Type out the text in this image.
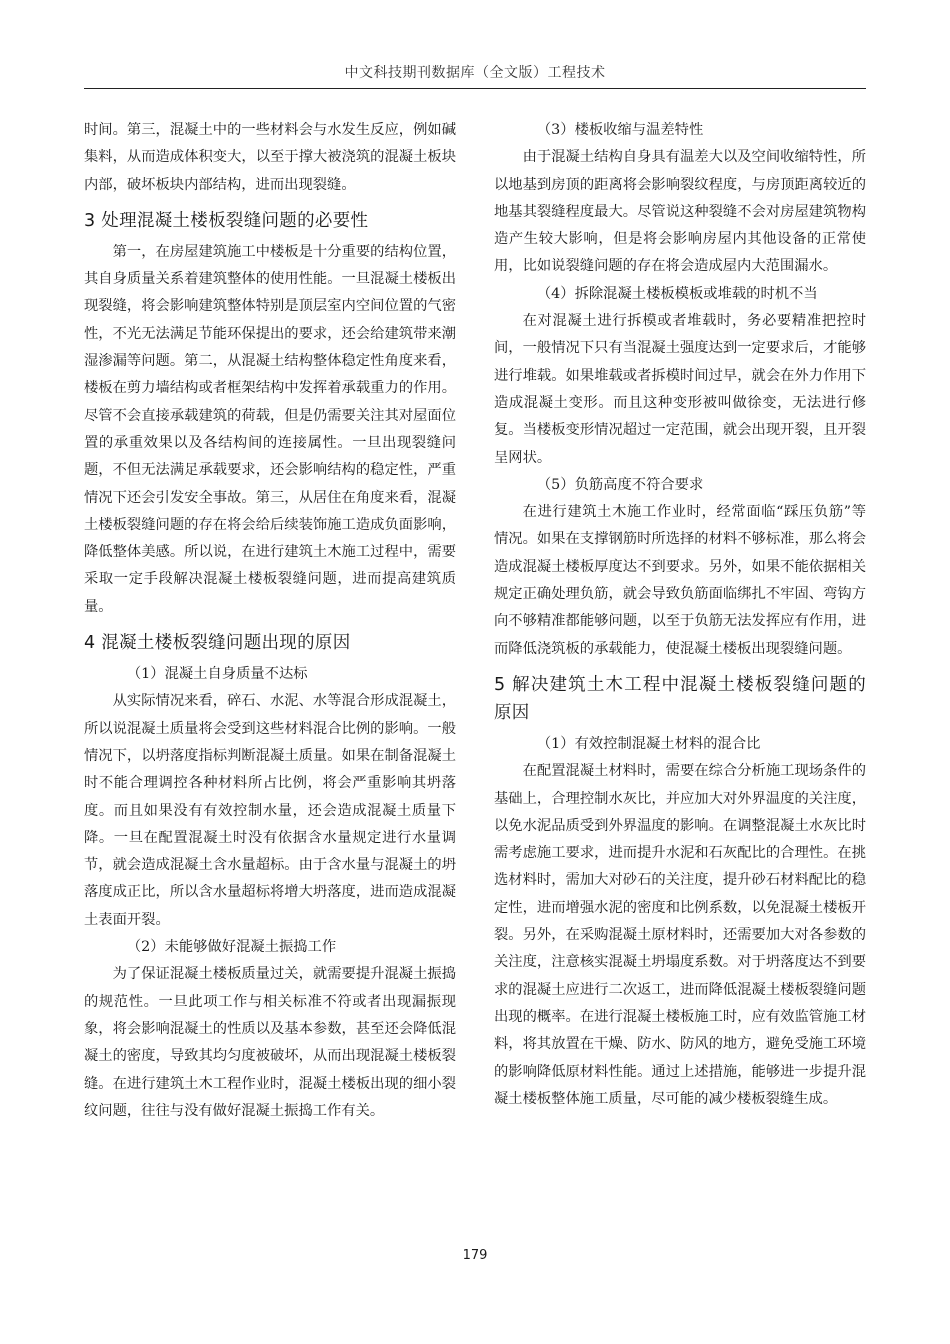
中文科技期刊数据库（全文版）工程技术

时间。第三，混凝土中的一些材料会与水发生反应，例如碱集料，从而造成体积变大，以至于撑大被浇筑的混凝土板块内部，破坏板块内部结构，进而出现裂缝。

3 处理混凝土楼板裂缝问题的必要性

第一，在房屋建筑施工中楼板是十分重要的结构位置，其自身质量关系着建筑整体的使用性能。一旦混凝土楼板出现裂缝，将会影响建筑整体特别是顶层室内空间位置的气密性，不光无法满足节能环保提出的要求，还会给建筑带来潮湿渗漏等问题。第二，从混凝土结构整体稳定性角度来看，楼板在剪力墙结构或者框架结构中发挥着承载重力的作用。尽管不会直接承载建筑的荷载，但是仍需要关注其对屋面位置的承重效果以及各结构间的连接属性。一旦出现裂缝问题，不但无法满足承载要求，还会影响结构的稳定性，严重情况下还会引发安全事故。第三，从居住在角度来看，混凝土楼板裂缝问题的存在将会给后续装饰施工造成负面影响，降低整体美感。所以说，在进行建筑土木施工过程中，需要采取一定手段解决混凝土楼板裂缝问题，进而提高建筑质量。

4 混凝土楼板裂缝问题出现的原因

（1）混凝土自身质量不达标

从实际情况来看，碎石、水泥、水等混合形成混凝土，所以说混凝土质量将会受到这些材料混合比例的影响。一般情况下，以坍落度指标判断混凝土质量。如果在制备混凝土时不能合理调控各种材料所占比例，将会严重影响其坍落度。而且如果没有有效控制水量，还会造成混凝土质量下降。一旦在配置混凝土时没有依据含水量规定进行水量调节，就会造成混凝土含水量超标。由于含水量与混凝土的坍落度成正比，所以含水量超标将增大坍落度，进而造成混凝土表面开裂。

（2）未能够做好混凝土振捣工作

为了保证混凝土楼板质量过关，就需要提升混凝土振捣的规范性。一旦此项工作与相关标准不符或者出现漏振现象，将会影响混凝土的性质以及基本参数，甚至还会降低混凝土的密度，导致其均匀度被破坏，从而出现混凝土楼板裂缝。在进行建筑土木工程作业时，混凝土楼板出现的细小裂纹问题，往往与没有做好混凝土振捣工作有关。

（3）楼板收缩与温差特性

由于混凝土结构自身具有温差大以及空间收缩特性，所以地基到房顶的距离将会影响裂纹程度，与房顶距离较近的地基其裂缝程度最大。尽管说这种裂缝不会对房屋建筑物构造产生较大影响，但是将会影响房屋内其他设备的正常使用，比如说裂缝问题的存在将会造成屋内大范围漏水。

（4）拆除混凝土楼板模板或堆载的时机不当

在对混凝土进行拆模或者堆载时，务必要精准把控时间，一般情况下只有当混凝土强度达到一定要求后，才能够进行堆载。如果堆载或者拆模时间过早，就会在外力作用下造成混凝土变形。而且这种变形被叫做徐变，无法进行修复。当楼板变形情况超过一定范围，就会出现开裂，且开裂呈网状。

（5）负筋高度不符合要求

在进行建筑土木施工作业时，经常面临“踩压负筋”等情况。如果在支撑钢筋时所选择的材料不够标准，那么将会造成混凝土楼板厚度达不到要求。另外，如果不能依据相关规定正确处理负筋，就会导致负筋面临绑扎不牢固、弯钩方向不够精准都能够问题，以至于负筋无法发挥应有作用，进而降低浇筑板的承载能力，使混凝土楼板出现裂缝问题。

5 解决建筑土木工程中混凝土楼板裂缝问题的原因

（1）有效控制混凝土材料的混合比

在配置混凝土材料时，需要在综合分析施工现场条件的基础上，合理控制水灰比，并应加大对外界温度的关注度，以免水泥品质受到外界温度的影响。在调整混凝土水灰比时需考虑施工要求，进而提升水泥和石灰配比的合理性。在挑选材料时，需加大对砂石的关注度，提升砂石材料配比的稳定性，进而增强水泥的密度和比例系数，以免混凝土楼板开裂。另外，在采购混凝土原材料时，还需要加大对各参数的关注度，注意核实混凝土坍塌度系数。对于坍落度达不到要求的混凝土应进行二次返工，进而降低混凝土楼板裂缝问题出现的概率。在进行混凝土楼板施工时，应有效监管施工材料，将其放置在干燥、防水、防风的地方，避免受施工环境的影响降低原材料性能。通过上述措施，能够进一步提升混凝土楼板整体施工质量，尽可能的减少楼板裂缝生成。

179
